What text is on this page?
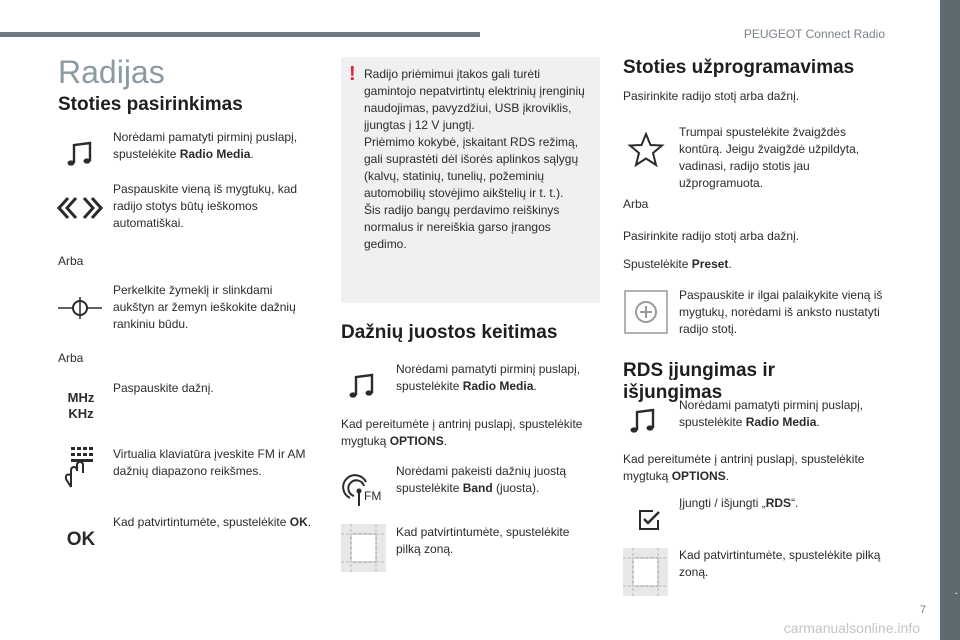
PEUGEOT Connect Radio
.
7
carmanualsonline.info
Radijas
Stoties pasirinkimas
Norėdami pamatyti pirminį puslapį, spustelėkite Radio Media.
Paspauskite vieną iš mygtukų, kad radijo stotys būtų ieškomos automatiškai.
Arba
Perkelkite žymeklį ir slinkdami aukštyn ar žemyn ieškokite dažnių rankiniu būdu.
Arba
MHz
KHz
Paspauskite dažnį.
Virtualia klaviatūra įveskite FM ir AM dažnių diapazono reikšmes.
OK
Kad patvirtintumėte, spustelėkite OK.
! Radijo priėmimui įtakos gali turėti gamintojo nepatvirtintų elektrinių įrenginių naudojimas, pavyzdžiui, USB įkroviklis, įjungtas į 12 V jungtį.
Priėmimo kokybė, įskaitant RDS režimą, gali suprastėti dėl išorės aplinkos sąlygų (kalvų, statinių, tunelių, požeminių automobilių stovėjimo aikštelių ir t. t.).
Šis radijo bangų perdavimo reiškinys normalus ir nereiškia garso įrangos gedimo.
Dažnių juostos keitimas
Norėdami pamatyti pirminį puslapį, spustelėkite Radio Media.
Kad pereitumėte į antrinį puslapį, spustelėkite mygtuką OPTIONS.
FM
Norėdami pakeisti dažnių juostą spustelėkite Band (juosta).
Kad patvirtintumėte, spustelėkite pilką zoną.
Stoties užprogramavimas
Pasirinkite radijo stotį arba dažnį.
Trumpai spustelėkite žvaigždės kontūrą. Jeigu žvaigždė užpildyta, vadinasi, radijo stotis jau užprogramuota.
Arba
Pasirinkite radijo stotį arba dažnį.
Spustelėkite Preset.
Paspauskite ir ilgai palaikykite vieną iš mygtukų, norėdami iš anksto nustatyti radijo stotį.
RDS įjungimas ir išjungimas
Norėdami pamatyti pirminį puslapį, spustelėkite Radio Media.
Kad pereitumėte į antrinį puslapį, spustelėkite mygtuką OPTIONS.
Įjungti / išjungti „RDS“.
Kad patvirtintumėte, spustelėkite pilką zoną.
